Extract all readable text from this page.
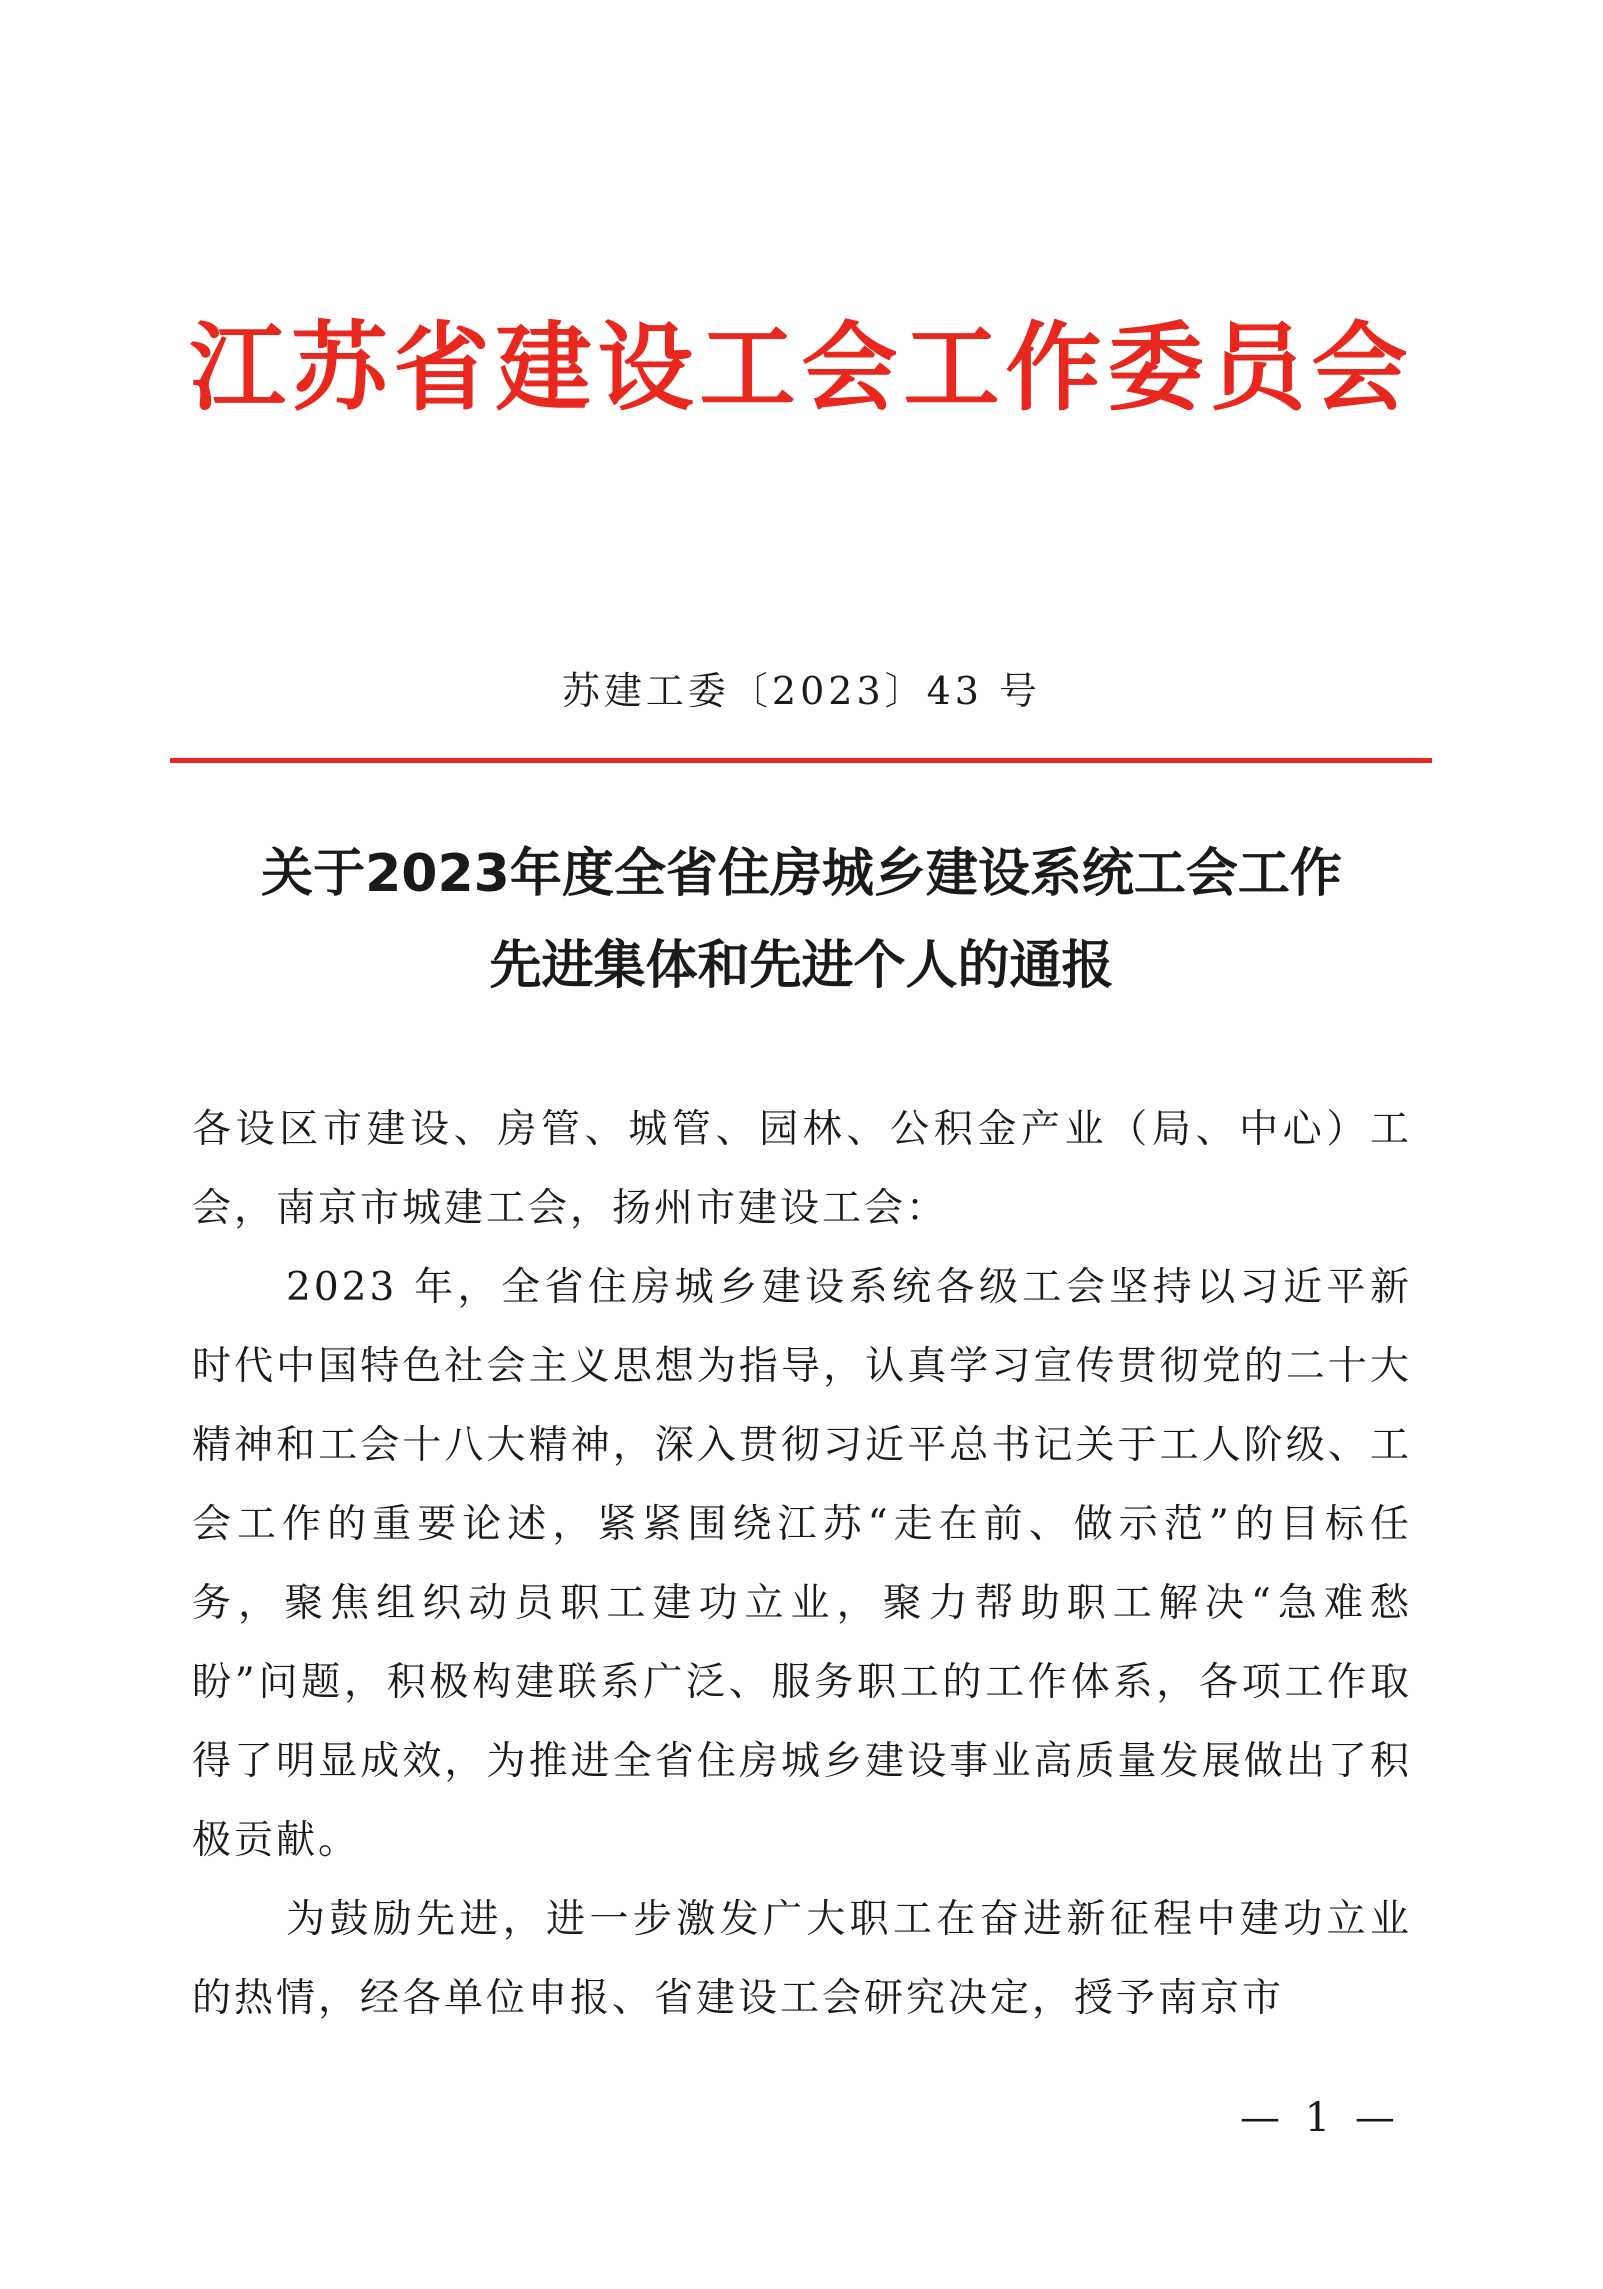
江苏省建设工会工作委员会
苏建工委〔2023〕43 号
关于2023年度全省住房城乡建设系统工会工作
先进集体和先进个人的通报

各设区市建设、房管、城管、园林、公积金产业（局、中心）工会，南京市城建工会，扬州市建设工会：

2023 年，全省住房城乡建设系统各级工会坚持以习近平新时代中国特色社会主义思想为指导，认真学习宣传贯彻党的二十大精神和工会十八大精神，深入贯彻习近平总书记关于工人阶级、工会工作的重要论述，紧紧围绕江苏“走在前、做示范”的目标任务，聚焦组织动员职工建功立业，聚力帮助职工解决“急难愁盼”问题，积极构建联系广泛、服务职工的工作体系，各项工作取得了明显成效，为推进全省住房城乡建设事业高质量发展做出了积极贡献。

为鼓励先进，进一步激发广大职工在奋进新征程中建功立业的热情，经各单位申报、省建设工会研究决定，授予南京市

— 1 —
